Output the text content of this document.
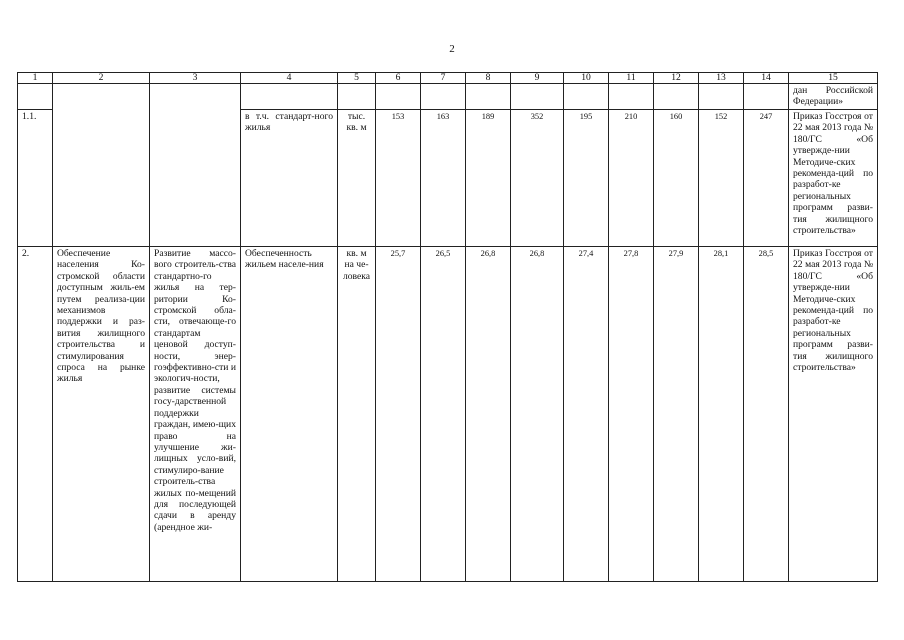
2
1	2	3	4	5	6	7	8	9	10	11	12	13	14	15
														дан Российской Федерации»
1.1.			в т.ч. стандарт-ного жилья	тыс. кв. м	153	163	189	352	195	210	160	152	247	Приказ Госстроя от 22 мая 2013 года № 180/ГС «Об утвержде-нии Методиче-ских рекоменда-ций по разработ-ке региональных программ разви-тия жилищного строительства»
2.	Обеспечение населения Ко-стромской области доступным жиль-ем путем реализа-ции механизмов поддержки и раз-вития жилищного строительства и стимулирования спроса на рынке жилья	Развитие массо-вого строитель-ства стандартно-го жилья на тер-ритории Ко-стромской обла-сти, отвечающе-го стандартам ценовой доступ-ности, энер-гоэффективно-сти и экологич-ности, развитие системы госу-дарственной поддержки граждан, имею-щих право на улучшение жи-лищных усло-вий, стимулиро-вание строитель-ства жилых по-мещений для последующей сдачи в аренду (арендное жи-	Обеспеченность жильем населе-ния	кв. м на че-ловека	25,7	26,5	26,8	26,8	27,4	27,8	27,9	28,1	28,5	Приказ Госстроя от 22 мая 2013 года № 180/ГС «Об утвержде-нии Методиче-ских рекоменда-ций по разработ-ке региональных программ разви-тия жилищного строительства»
